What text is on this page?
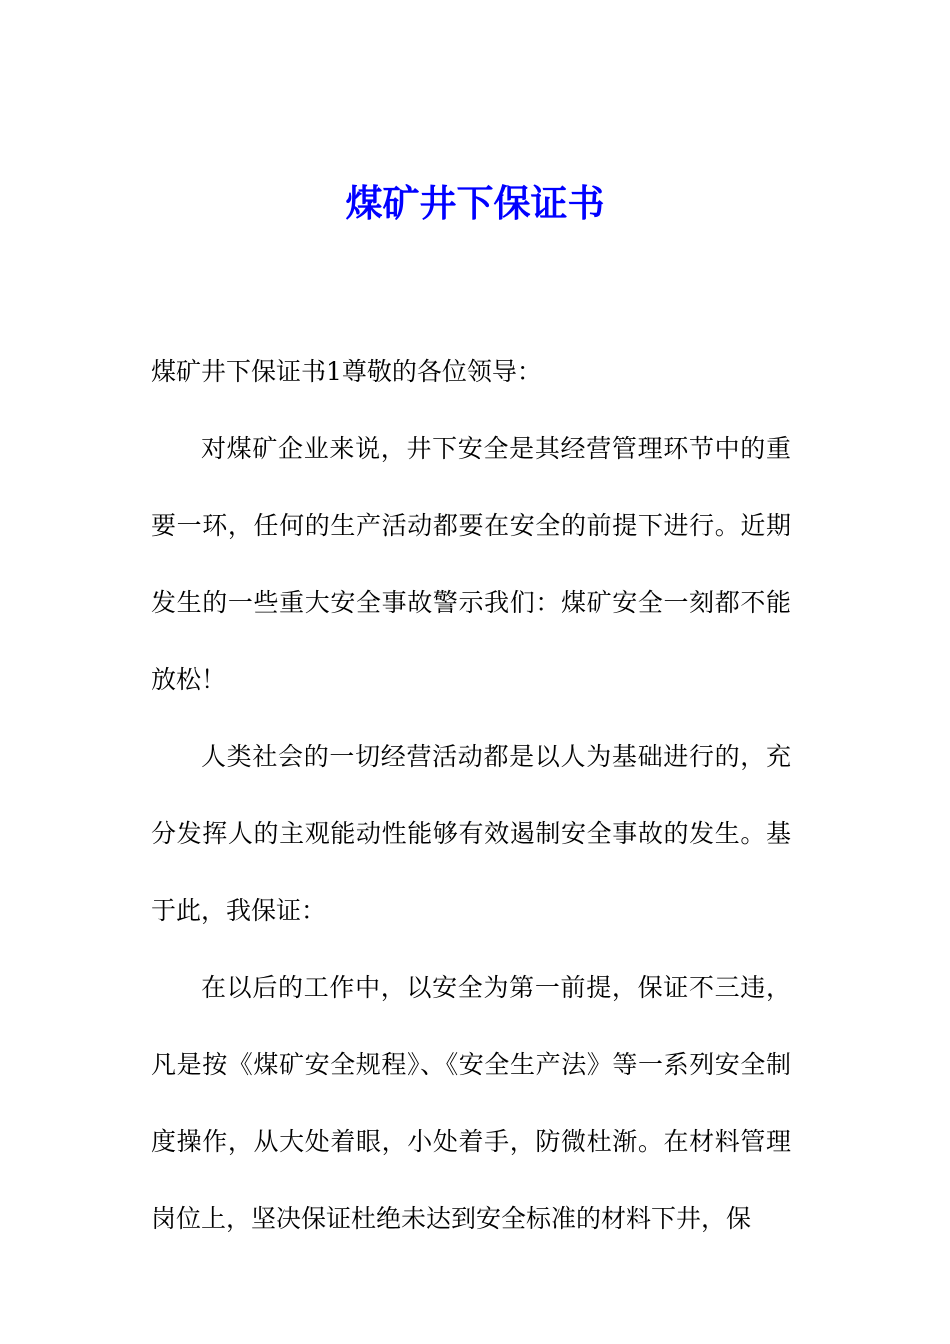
煤矿井下保证书

煤矿井下保证书1尊敬的各位领导：

对煤矿企业来说，井下安全是其经营管理环节中的重要一环，任何的生产活动都要在安全的前提下进行。近期发生的一些重大安全事故警示我们：煤矿安全一刻都不能放松！

人类社会的一切经营活动都是以人为基础进行的，充分发挥人的主观能动性能够有效遏制安全事故的发生。基于此，我保证：

在以后的工作中，以安全为第一前提，保证不三违，凡是按《煤矿安全规程》、《安全生产法》等一系列安全制度操作，从大处着眼，小处着手，防微杜渐。在材料管理岗位上，坚决保证杜绝未达到安全标准的材料下井，保
